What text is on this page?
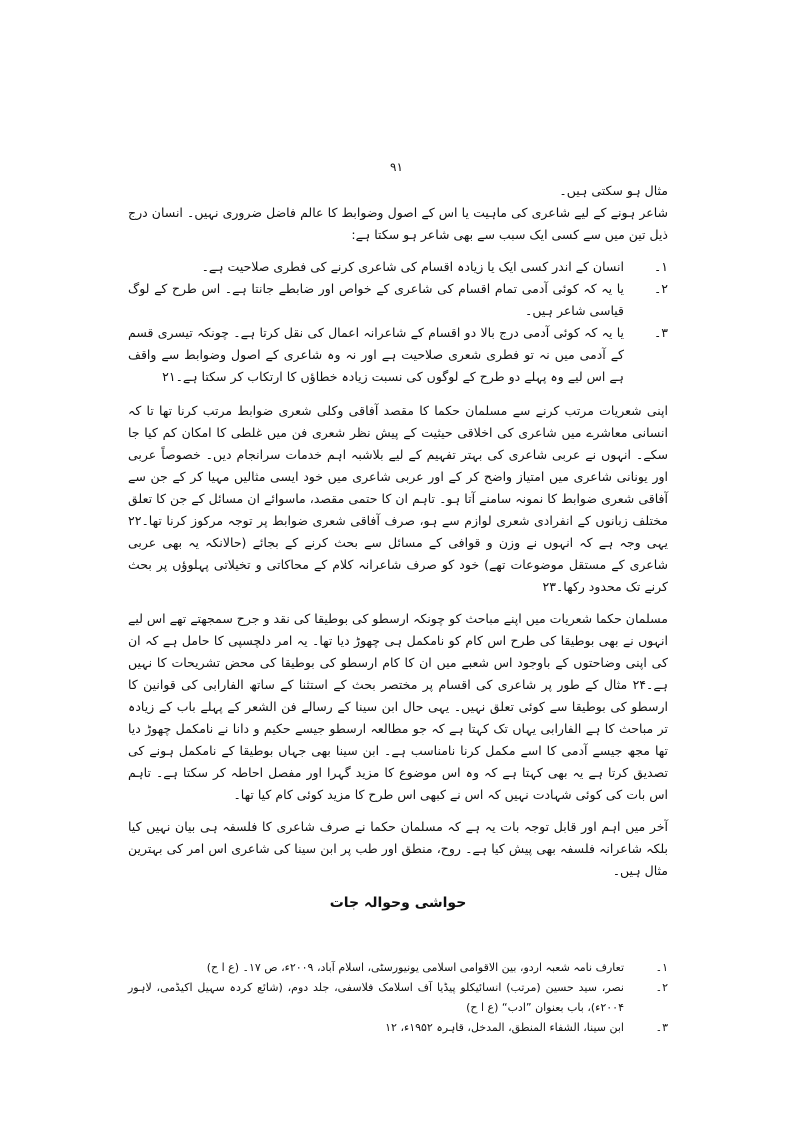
۹۱

مثال ہو سکتی ہیں۔

شاعر ہونے کے لیے شاعری کی ماہیت یا اس کے اصول وضوابط کا عالم فاضل ضروری نہیں۔ انسان درج ذیل تین میں سے کسی ایک سبب سے بھی شاعر ہو سکتا ہے:

۱۔
انسان کے اندر کسی ایک یا زیادہ اقسام کی شاعری کرنے کی فطری صلاحیت ہے۔
۲۔
یا یہ کہ کوئی آدمی تمام اقسام کی شاعری کے خواص اور ضابطے جانتا ہے۔ اس طرح کے لوگ قیاسی شاعر ہیں۔
۳۔
یا یہ کہ کوئی آدمی درج بالا دو اقسام کے شاعرانہ اعمال کی نقل کرتا ہے۔ چونکہ تیسری قسم کے آدمی میں نہ تو فطری شعری صلاحیت ہے اور نہ وہ شاعری کے اصول وضوابط سے واقف ہے اس لیے وہ پہلے دو طرح کے لوگوں کی نسبت زیادہ خطاؤں کا ارتکاب کر سکتا ہے۔۲۱

اپنی شعریات مرتب کرنے سے مسلمان حکما کا مقصد آفاقی وکلی شعری ضوابط مرتب کرنا تھا تا کہ انسانی معاشرے میں شاعری کی اخلاقی حیثیت کے پیش نظر شعری فن میں غلطی کا امکان کم کیا جا سکے۔ انہوں نے عربی شاعری کی بہتر تفہیم کے لیے بلاشبہ اہم خدمات سرانجام دیں۔ خصوصاً عربی اور یونانی شاعری میں امتیاز واضح کر کے اور عربی شاعری میں خود ایسی مثالیں مہیا کر کے جن سے آفاقی شعری ضوابط کا نمونہ سامنے آتا ہو۔ تاہم ان کا حتمی مقصد، ماسوائے ان مسائل کے جن کا تعلق مختلف زبانوں کے انفرادی شعری لوازم سے ہو، صرف آفاقی شعری ضوابط پر توجہ مرکوز کرنا تھا۔۲۲ یہی وجہ ہے کہ انہوں نے وزن و قوافی کے مسائل سے بحث کرنے کے بجائے (حالانکہ یہ بھی عربی شاعری کے مستقل موضوعات تھے) خود کو صرف شاعرانہ کلام کے محاکاتی و تخیلاتی پہلوؤں پر بحث کرنے تک محدود رکھا۔۲۳

مسلمان حکما شعریات میں اپنے مباحث کو چونکہ ارسطو کی بوطیقا کی نقد و جرح سمجھتے تھے اس لیے انہوں نے بھی بوطیقا کی طرح اس کام کو نامکمل ہی چھوڑ دیا تھا۔ یہ امر دلچسپی کا حامل ہے کہ ان کی اپنی وضاحتوں کے باوجود اس شعبے میں ان کا کام ارسطو کی بوطیقا کی محض تشریحات کا نہیں ہے۔۲۴ مثال کے طور پر شاعری کی اقسام پر مختصر بحث کے استثنا کے ساتھ الفارابی کی قوانین کا ارسطو کی بوطیقا سے کوئی تعلق نہیں۔ یہی حال ابن سینا کے رسالے فن الشعر کے پہلے باب کے زیادہ تر مباحث کا ہے الفارابی یہاں تک کہتا ہے کہ جو مطالعہ ارسطو جیسے حکیم و دانا نے نامکمل چھوڑ دیا تھا مجھ جیسے آدمی کا اسے مکمل کرنا نامناسب ہے۔ ابن سینا بھی جہاں بوطیقا کے نامکمل ہونے کی تصدیق کرتا ہے یہ بھی کہتا ہے کہ وہ اس موضوع کا مزید گہرا اور مفصل احاطہ کر سکتا ہے۔ تاہم اس بات کی کوئی شہادت نہیں کہ اس نے کبھی اس طرح کا مزید کوئی کام کیا تھا۔

آخر میں اہم اور قابل توجہ بات یہ ہے کہ مسلمان حکما نے صرف شاعری کا فلسفہ ہی بیان نہیں کیا بلکہ شاعرانہ فلسفہ بھی پیش کیا ہے۔ روح، منطق اور طب پر ابن سینا کی شاعری اس امر کی بہترین مثال ہیں۔

حواشی وحوالہ جات
۱۔
تعارف نامہ شعبہ اردو، بین الاقوامی اسلامی یونیورسٹی، اسلام آباد، ۲۰۰۹ء، ص ۱۷۔ (ع ا ح)
۲۔
نصر، سید حسین (مرتب) انسائیکلو پیڈیا آف اسلامک فلاسفی، جلد دوم، (شائع کردہ سہیل اکیڈمی، لاہور ۲۰۰۴ء)، باب بعنوان ”ادب“ (ع ا ح)
۳۔
ابن سینا، الشفاء المنطق، المدخل، قاہرہ ۱۹۵۲ء، ۱۲
